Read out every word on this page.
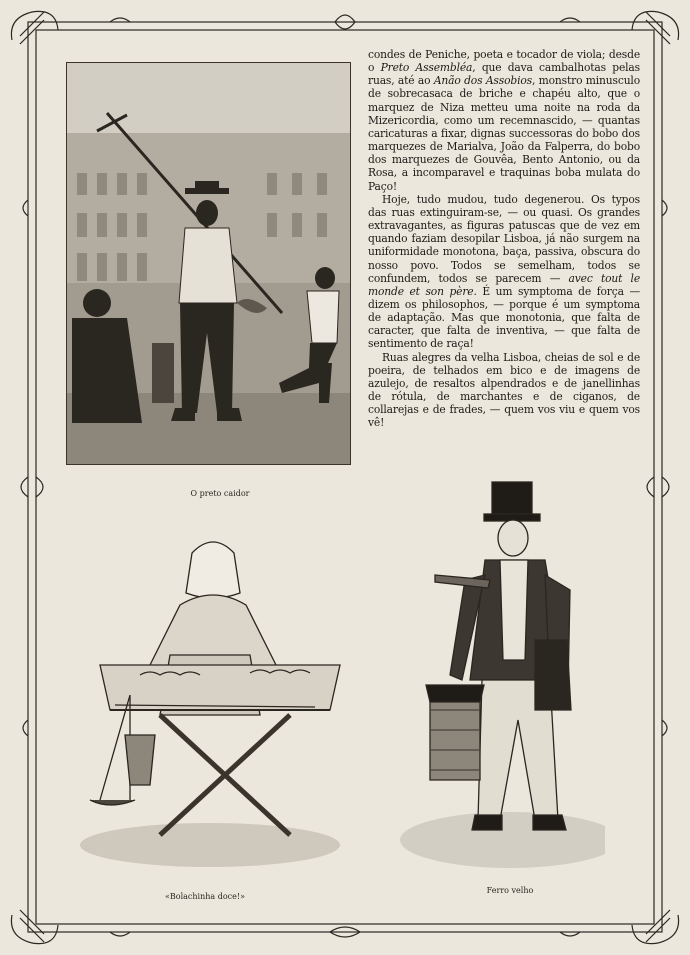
O preto caidor

condes de Peniche, poeta e tocador de viola; desde o Preto Assembléa, que dava cambalhotas pelas ruas, até ao Anão dos Assobios, monstro minusculo de sobrecasaca de briche e chapéu alto, que o marquez de Niza metteu uma noite na roda da Mizericordia, como um recemnascido, — quantas caricaturas a fixar, dignas successoras do bobo dos marquezes de Marialva, João da Falperra, do bobo dos marquezes de Gouvêa, Bento Antonio, ou da Rosa, a incomparavel e traquinas boba mulata do Paço!

Hoje, tudo mudou, tudo degenerou. Os typos das ruas extinguiram-se, — ou quasi. Os grandes extravagantes, as figuras patuscas que de vez em quando faziam desopilar Lisboa, já não surgem na uniformidade monotona, baça, passiva, obscura do nosso povo. Todos se semelham, todos se confundem, todos se parecem — avec tout le monde et son père. É um symptoma de força — dizem os philosophos, — porque é um symptoma de adaptação. Mas que monotonia, que falta de caracter, que falta de inventiva, — que falta de sentimento de raça!

Ruas alegres da velha Lisboa, cheias de sol e de poeira, de telhados em bico e de imagens de azulejo, de resaltos alpendrados e de janellinhas de rótula, de marchantes e de ciganos, de collarejas e de frades, — quem vos viu e quem vos vê!

«Bolachinha doce!»
Ferro velho
